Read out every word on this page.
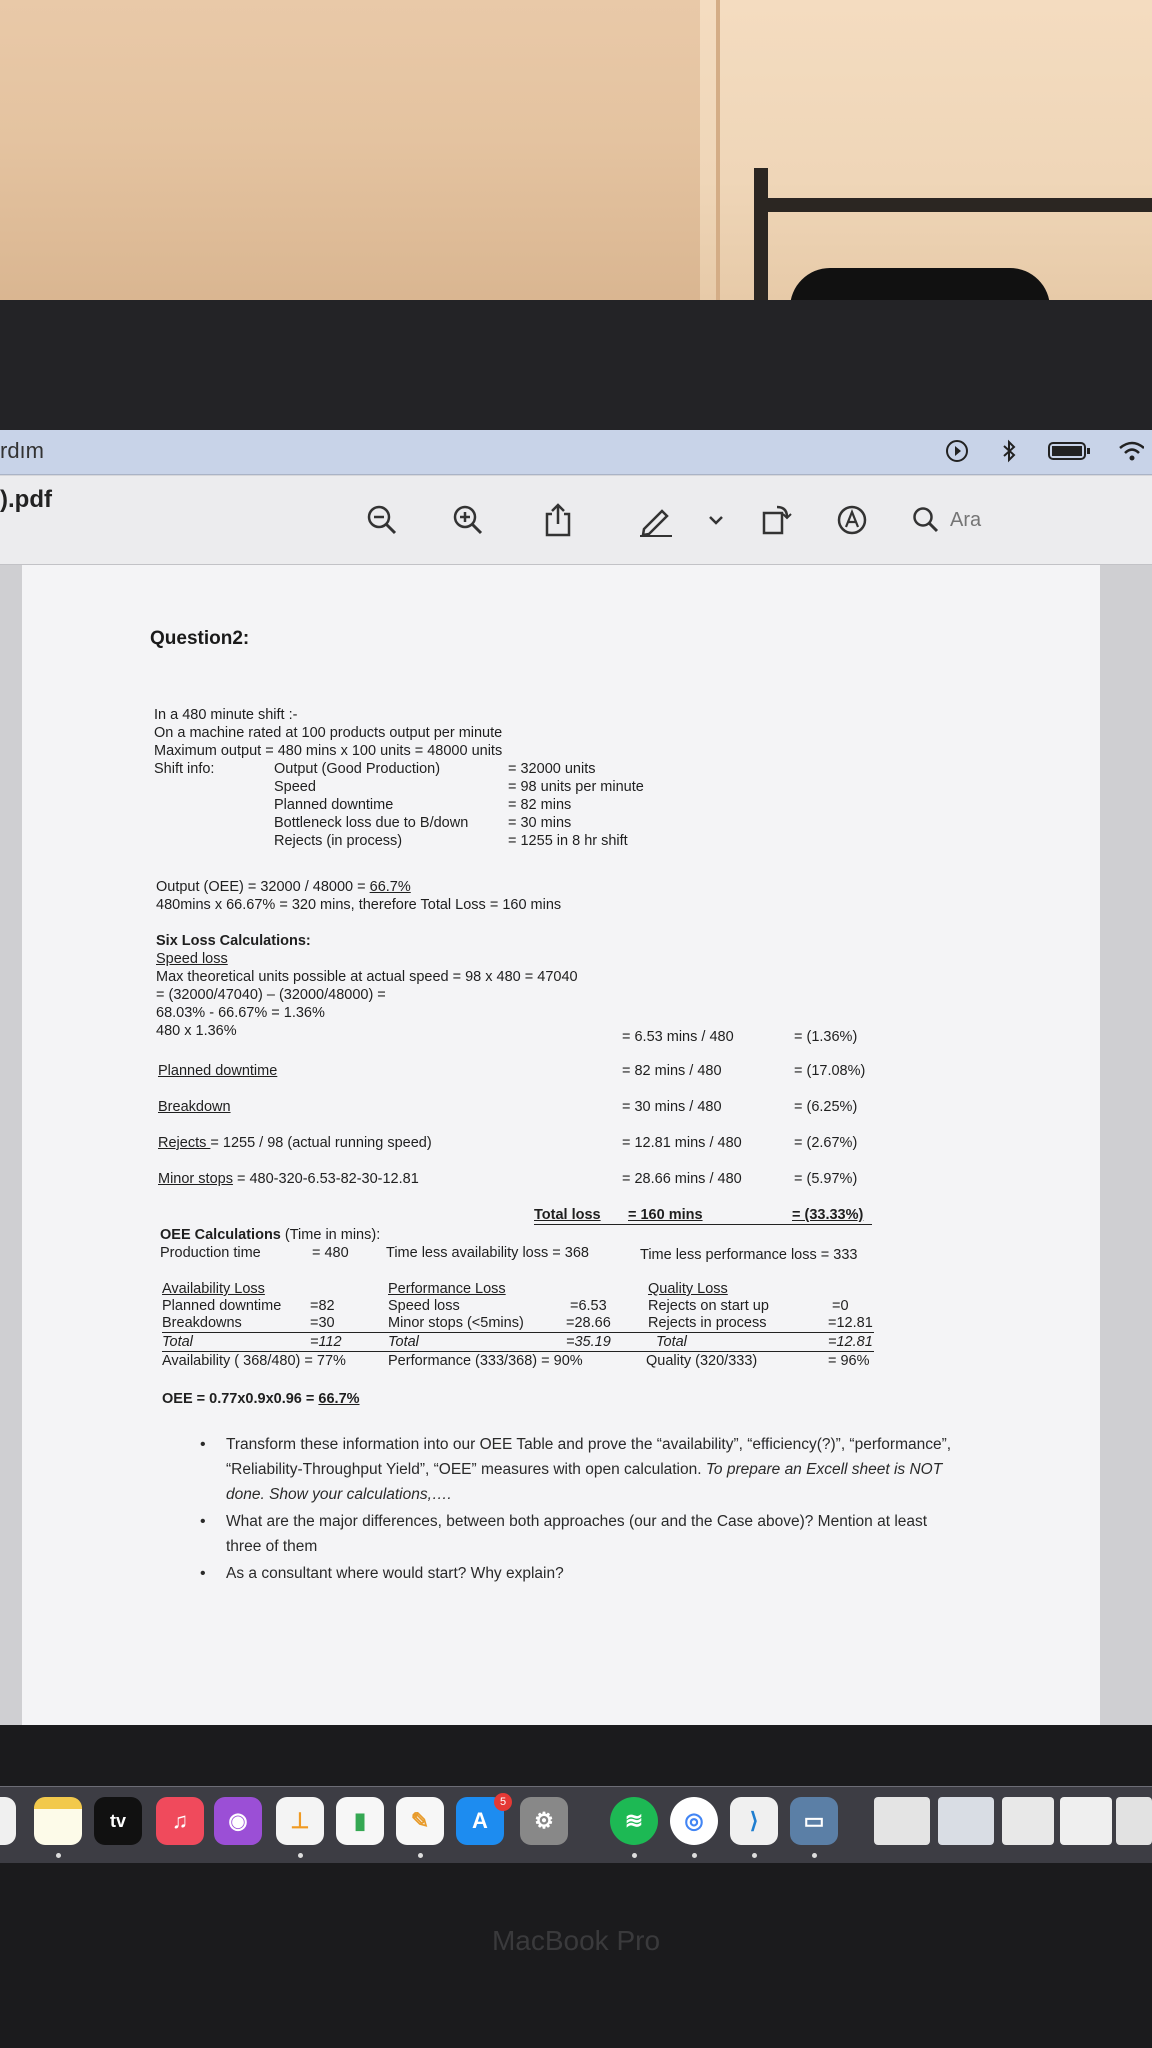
rdım
).pdf
Ara
Question2:
In a 480 minute shift :-
On a machine rated at 100 products output per minute
Maximum output = 480 mins x 100 units = 48000 units
Shift info:	Output (Good Production)	= 32000 units
Speed	= 98 units per minute
Planned downtime	= 82 mins
Bottleneck loss due to B/down	= 30 mins
Rejects (in process)	= 1255 in 8 hr shift
Output (OEE) = 32000 / 48000 = 66.7%
480mins x 66.67% = 320 mins, therefore Total Loss = 160 mins
Six Loss Calculations:
Speed loss
Max theoretical units possible at actual speed = 98 x 480 = 47040
= (32000/47040) – (32000/48000) =
68.03% - 66.67% = 1.36%
480 x 1.36%	= 6.53 mins / 480	= (1.36%)
Planned downtime	= 82 mins / 480	= (17.08%)
Breakdown	= 30 mins / 480	= (6.25%)
Rejects = 1255 / 98 (actual running speed)	= 12.81 mins / 480	= (2.67%)
Minor stops = 480-320-6.53-82-30-12.81	= 28.66 mins / 480	= (5.97%)
Total loss = 160 mins	= (33.33%)
OEE Calculations (Time in mins):
Production time	= 480	Time less availability loss = 368	Time less performance loss = 333
Availability Loss
Planned downtime =82
Breakdowns	=30
Total	=112
Availability ( 368/480) = 77%
Performance Loss
Speed loss	=6.53
Minor stops (<5mins)	=28.66
Total	=35.19
Performance (333/368) = 90%
Quality Loss
Rejects on start up	=0
Rejects in process	=12.81
Total	=12.81
Quality (320/333)	= 96%
OEE = 0.77x0.9x0.96 = 66.7%
• Transform these information into our OEE Table and prove the “availability”, “efficiency(?)”, “performance”, “Reliability-Throughput Yield”, “OEE” measures with open calculation. To prepare an Excell sheet is NOT done. Show your calculations,….
• What are the major differences, between both approaches (our and the Case above)? Mention at least three of them
• As a consultant where would start? Why explain?
tv	♫	◉	⊥	▮	✎	A
5
⚙	≋	◎	⟩	▭
MacBook Pro
